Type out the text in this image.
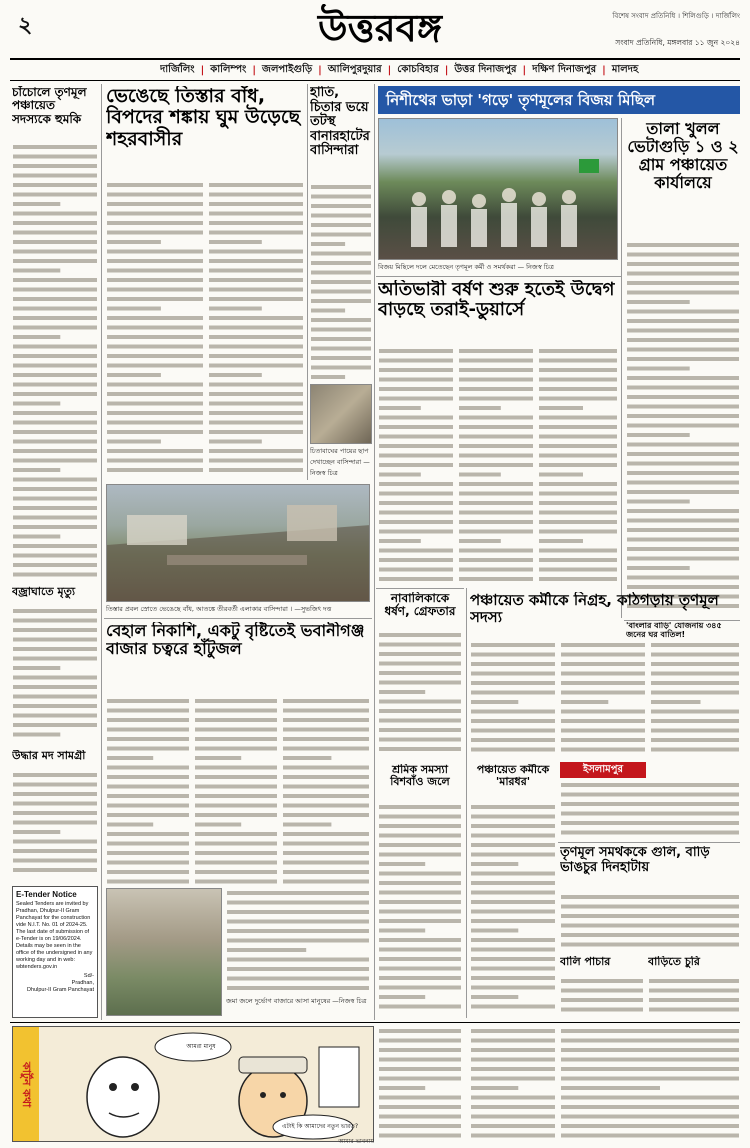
২	উত্তরবঙ্গ	বিশেষ সংবাদ প্রতিনিধি । শিলিগুড়ি । দার্জিলিং
সংবাদ প্রতিনিধি, মঙ্গলবার ১১ জুন ২০২৪
দার্জিলিং | কালিম্পং | জলপাইগুড়ি | আলিপুরদুয়ার | কোচবিহার | উত্তর দিনাজপুর | দক্ষিণ দিনাজপুর | মালদহ
চাঁচোলে তৃণমূল পঞ্চায়েত সদস্যকে হুমকি
বজ্রাঘাতে মৃত্যু
উদ্ধার মদ সামগ্রী
E-Tender Notice
Sealed Tenders are invited by Pradhan, Dhulpur-II Gram Panchayat for the construction vide N.I.T. No. 01 of 2024-25. The last date of submission of e-Tender is on 19/06/2024. Details may be seen in the office of the undersigned in any working day and in web: wbtenders.gov.in
Sd/-
Pradhan,
Dhulpur-II Gram Panchayat
ভেঙেছে তিস্তার বাঁধ, বিপদের শঙ্কায় ঘুম উড়েছে শহরবাসীর
তিস্তার প্রবল স্রোতে ভেঙেছে বাঁধ, আতঙ্কে তীরবর্তী এলাকার বাসিন্দারা । —সুভজিৎ দত্ত
হাতি, চিতার ভয়ে তটস্থ বানারহাটের বাসিন্দারা
চিতাবাঘের পায়ের ছাপ দেখাচ্ছেন বাসিন্দারা —নিজস্ব চিত্র
বেহাল নিকাশি, একটু বৃষ্টিতেই ভবানীগঞ্জ বাজার চত্বরে হাঁটুজল
জমা জলে দুর্ভোগ বাজারে আসা মানুষের —নিজস্ব চিত্র
নিশীথের ভাড়া 'গড়ে' তৃণমূলের বিজয় মিছিল
বিজয় মিছিলে দলে মেতেছেন তৃণমূল কর্মী ও সমর্থকরা — নিজস্ব চিত্র
তালা খুলল ভেটাগুড়ি ১ ও ২ গ্রাম পঞ্চায়েত কার্যালয়ে
অতিভারী বর্ষণ শুরু হতেই উদ্বেগ বাড়ছে তরাই-ডুয়ার্সে
নাবালিকাকে ধর্ষণ, গ্রেফতার
শ্রমিক সমস্যা বিশবাঁও জলে
পঞ্চায়েত কর্মীকে নিগ্রহ, কাঠগড়ায় তৃণমূল সদস্য
ইসলামপুর
পঞ্চায়েত কর্মীকে 'মারধর'
তৃণমূল সমর্থককে গুলি, বাড়ি ভাঙচুর দিনহাটায়
বালি পাচার	বাড়িতে চুরি
'বাংলার বাড়ি' যোজনায় ৩৪৫ জনের ঘর বাতিল!
কার্টুন কথা
আমরা মানুষ
এটাই কি আমাদের নতুন ভারত?
আমার ভাবনায়
